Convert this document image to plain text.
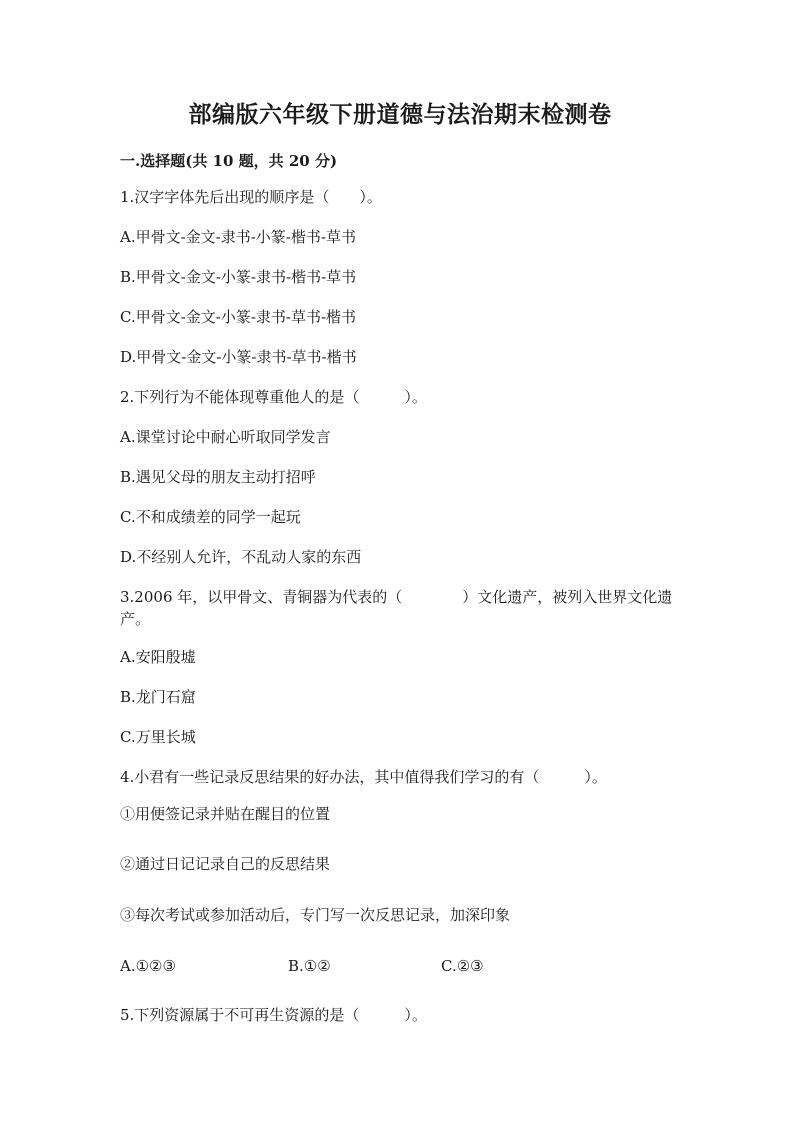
部编版六年级下册道德与法治期末检测卷
一.选择题(共 10 题，共 20 分)
1.汉字字体先后出现的顺序是（　　）。
A.甲骨文-金文-隶书-小篆-楷书-草书
B.甲骨文-金文-小篆-隶书-楷书-草书
C.甲骨文-金文-小篆-隶书-草书-楷书
D.甲骨文-金文-小篆-隶书-草书-楷书
2.下列行为不能体现尊重他人的是（　　　）。
A.课堂讨论中耐心听取同学发言
B.遇见父母的朋友主动打招呼
C.不和成绩差的同学一起玩
D.不经别人允许，不乱动人家的东西
3.2006 年，以甲骨文、青铜器为代表的（　　　　）文化遗产，被列入世界文化遗产。
A.安阳殷墟
B.龙门石窟
C.万里长城
4.小君有一些记录反思结果的好办法，其中值得我们学习的有（　　　）。
①用便签记录并贴在醒目的位置
②通过日记记录自己的反思结果
③每次考试或参加活动后，专门写一次反思记录，加深印象
A.①②③	B.①②	C.②③
5.下列资源属于不可再生资源的是（　　　）。
